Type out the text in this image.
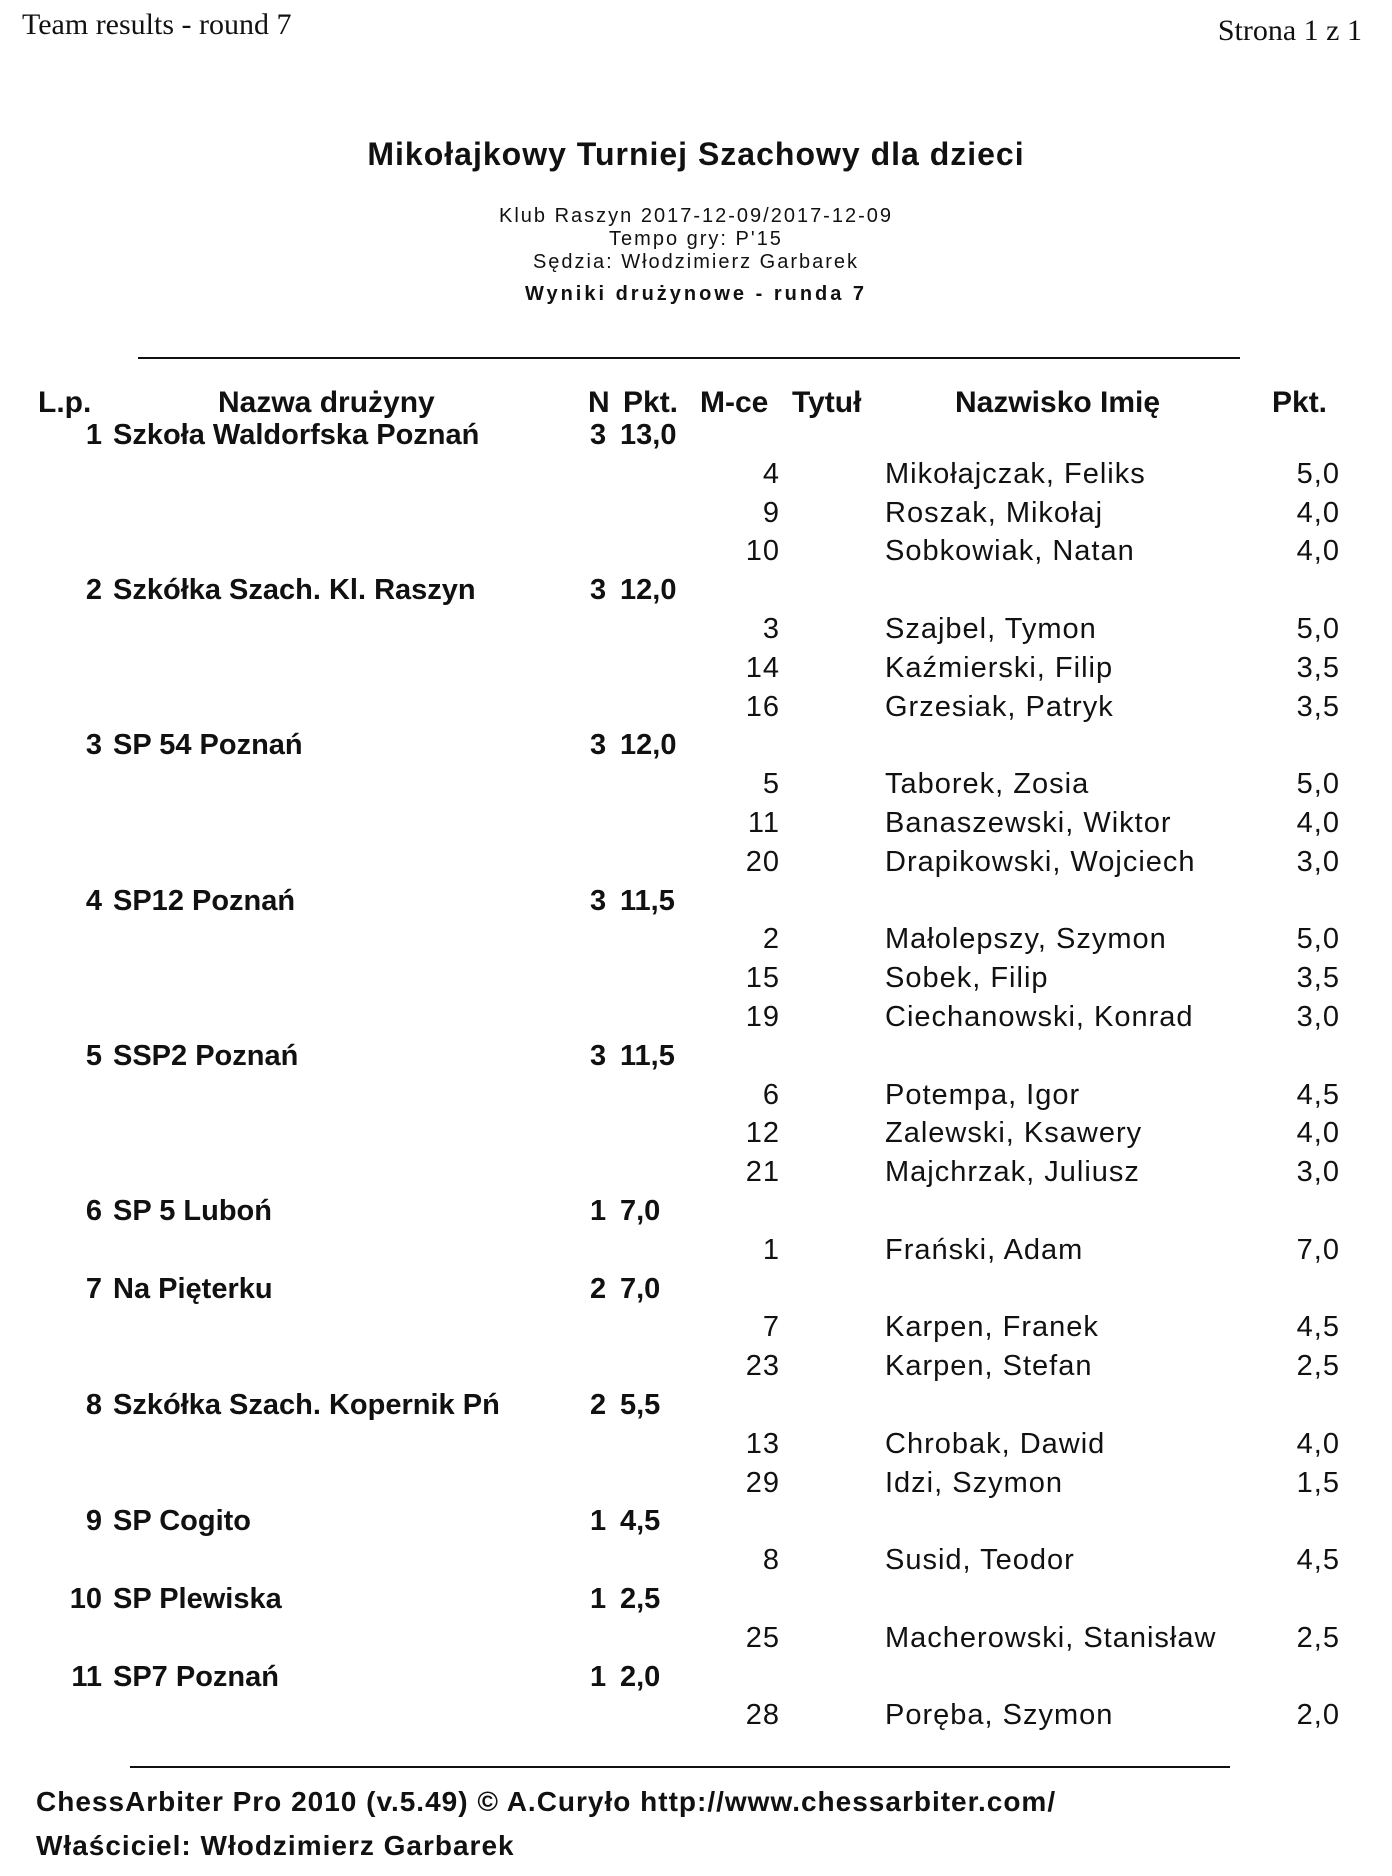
Team results - round 7	Strona 1 z 1
Mikołajkowy Turniej Szachowy dla dzieci
Klub Raszyn 2017-12-09/2017-12-09
Tempo gry: P'15
Sędzia: Włodzimierz Garbarek
Wyniki drużynowe - runda 7
L.p.	Nazwa drużyny	N Pkt. M-ce Tytuł	Nazwisko Imię	Pkt.
1 Szkoła Waldorfska Poznań	3 13,0
4	Mikołajczak, Feliks	5,0
9	Roszak, Mikołaj	4,0
10	Sobkowiak, Natan	4,0
2 Szkółka Szach. Kl. Raszyn	3 12,0
3	Szajbel, Tymon	5,0
14	Kaźmierski, Filip	3,5
16	Grzesiak, Patryk	3,5
3 SP 54 Poznań	3 12,0
5	Taborek, Zosia	5,0
11	Banaszewski, Wiktor	4,0
20	Drapikowski, Wojciech	3,0
4 SP12 Poznań	3 11,5
2	Małolepszy, Szymon	5,0
15	Sobek, Filip	3,5
19	Ciechanowski, Konrad	3,0
5 SSP2 Poznań	3 11,5
6	Potempa, Igor	4,5
12	Zalewski, Ksawery	4,0
21	Majchrzak, Juliusz	3,0
6 SP 5 Luboń	1 7,0
1	Frański, Adam	7,0
7 Na Pięterku	2 7,0
7	Karpen, Franek	4,5
23	Karpen, Stefan	2,5
8 Szkółka Szach. Kopernik Pń	2 5,5
13	Chrobak, Dawid	4,0
29	Idzi, Szymon	1,5
9 SP Cogito	1 4,5
8	Susid, Teodor	4,5
10 SP Plewiska	1 2,5
25	Macherowski, Stanisław	2,5
11 SP7 Poznań	1 2,0
28	Poręba, Szymon	2,0
ChessArbiter Pro 2010 (v.5.49) © A.Curyło http://www.chessarbiter.com/
Właściciel: Włodzimierz Garbarek
